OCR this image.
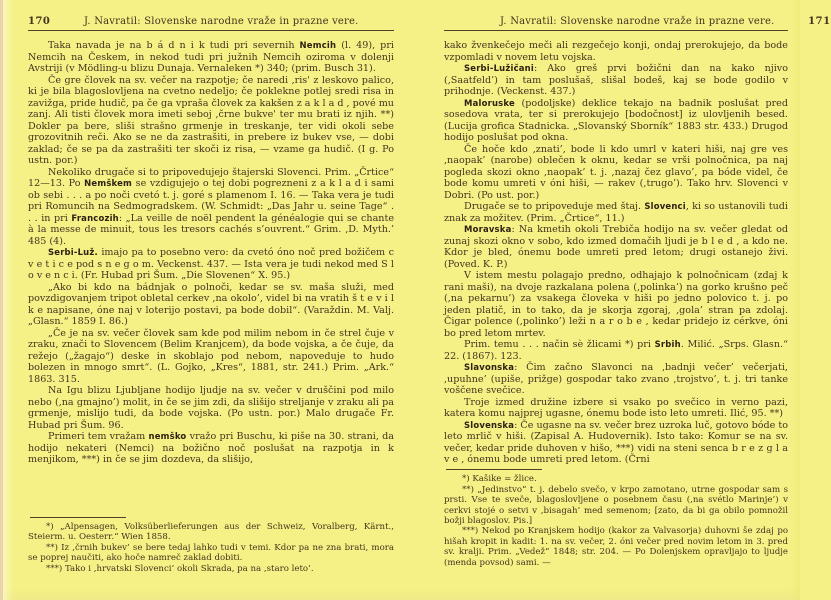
170	J. Navratil: Slovenske narodne vraže in prazne vere.

Taka navada je na b á d n i k tudi pri severnih Nemcih (l. 49), pri Nemcih na Českem, in nekod tudi pri južnih Nemcih oziroma v dolenji Avstriji (v Mödling-u blizu Dunaja. Vernaleken *) 340; (prim. Busch 31).

Če gre človek na sv. večer na razpotje; če naredi ,ris' z leskovo palico, ki je bila blagoslovljena na cvetno nedeljo; če poklekne potlej sredi risa in zavižga, pride hudič, pa če ga vpraša človek za kakšen z a k l a d , pové mu zanj. Ali tisti človek mora imeti seboj ,črne bukve' ter mu brati iz njih. **) Dokler pa bere, sliši strašno grmenje in treskanje, ter vidi okoli sebe grozovitnih reči. Ako se ne da zastrašiti, in prebere iz bukev vse, — dobi zaklad; če se pa da zastrašiti ter skoči iz risa, — vzame ga hudič. (I g. Po ustn. por.)

Nekoliko drugače si to pripovedujejo štajerski Slovenci. Prim. „Črtice“ 12—13. Po Nemškem se vzdigujejo o tej dobi pogrezneni z a k l a d i sami ob sebi . . . a po noči cvetó t. j. goré s plamenom I. 16. — Taka vera je tudi pri Romuncih na Sedmogradskem. (W. Schmidt: „Das Jahr u. seine Tage“ . . . in pri Francozih: „La veille de noël pendent la généalogie qui se chante à la messe de minuit, tous les tresors cachés s’ouvrent.“ Grim. ,D. Myth.’ 485 (4).

Serbi-Luž. imajo pa to posebno vero: da cvetó óno noč pred božičem c v e t i c e pod s n e g o m. Veckenst. 437. — Ista vera je tudi nekod med S l o v e n c i. (Fr. Hubad pri Šum. „Die Slovenen“ X. 95.)

„Ako bi kdo na bádnjak o polnoči, kedar se sv. maša služi, med povzdigovanjem tripot obletal cerkev ,na okolo’, videl bi na vratih š t e v i l k e napisane, óne naj v loterijo postavi, pa bode dobil“. (Varaždin. M. Valj. „Glasn.“ 1859 I. 86.)

„Če je na sv. večer človek sam kde pod milim nebom in če strel čuje v zraku, znači to Slovencem (Belim Kranjcem), da bode vojska, a če čuje, da režejo („žagajo“) deske in skoblajo pod nebom, napoveduje to hudo bolezen in mnogo smrt“. (L. Gojko, „Kres“, 1881, str. 241.) Prim. „Ark.“ 1863. 315.

Na Igu blizu Ljubljane hodijo ljudje na sv. večer v druščini pod milo nebo (,na gmajno’) molit, in če se jim zdi, da slišijo streljanje v zraku ali pa grmenje, mislijo tudi, da bode vojska. (Po ustn. por.) Malo drugače Fr. Hubad pri Šum. 96.

Primeri tem vražam nemško vražo pri Buschu, ki piše na 30. strani, da hodijo nekateri (Nemci) na božično noč poslušat na razpotja in k menjikom, ***) in če se jim dozdeva, da slišijo,

*) „Alpensagen, Volksüberlieferungen aus der Schweiz, Voralberg, Kärnt., Steierm. u. Oesterr.“ Wien 1858.

**) Iz ,črnih bukev’ se bere tedaj lahko tudi v temi. Kdor pa ne zna brati, mora se poprej naučiti, ako hoče namreč zaklad dobiti.

***) Tako i ,hrvatski Slovenci’ okoli Skrada, pa na ,staro leto’.

J. Navratil: Slovenske narodne vraže in prazne vere.	171

kako žvenkečejo meči ali rezgečejo konji, ondaj prerokujejo, da bode vzpomladi v novem letu vojska.

Serbi-Lužičani: Ako greš prvi božični dan na kako njivo (,Saatfeld’) in tam poslušaš, slišal bodeš, kaj se bode godilo v prihodnje. (Veckenst. 437.)

Maloruske (podoljske) deklice tekajo na badnik poslušat pred sosedova vrata, ter si prerokujejo [bodočnost] iz ulovljenih besed. (Lucija grofica Stadnicka. „Slovanský Sborník“ 1883 str. 433.) Drugod hodijo poslušat pod okna.

Če hoče kdo ,znati’, bode li kdo umrl v kateri hiši, naj gre ves ,naopak’ (narobe) oblečen k oknu, kedar se vrši polnočnica, pa naj pogleda skozi okno ,naopak’ t. j. ,nazaj čez glavo’, pa bóde videl, če bode komu umreti v óni hiši, — rakev (,trugo’). Tako hrv. Slovenci v Dobri. (Po ust. por.)

Drugače se to pripoveduje med štaj. Slovenci, ki so ustanovili tudi znak za možitev. (Prim. „Črtice“, 11.)

Moravska: Na kmetih okoli Trebiča hodijo na sv. večer gledat od zunaj skozi okno v sobo, kdo izmed domačih ljudi je b l e d , a kdo ne. Kdor je bled, ónemu bode umreti pred letom; drugi ostanejo živi. (Poved. K. P.)

V istem mestu polagajo predno, odhajajo k polnočnicam (zdaj k rani maši), na dvoje razkalana polena (,polinka’) na gorko krušno peč (,na pekarnu’) za vsakega človeka v hiši po jedno polovico t. j. po jeden platič, in to tako, da je skorja zgoraj, ,gola’ stran pa zdolaj. Čigar polence (,polinko’) leži n a r o b e , kedar pridejo iz cérkve, óni bo pred letom mrtev.

Prim. temu . . . način sè žlicami *) pri Srbih. Milić. „Srps. Glasn.“ 22. (1867). 123.

Slavonska: Čim začno Slavonci na ,badnji večer’ večerjati, ,upuhne’ (upiše, prižge) gospodar tako zvano ,trojstvo’, t. j. tri tanke voščene svečice.

Troje izmed družine izbere si vsako po svečico in verno pazi, katera komu najprej ugasne, ónemu bode isto leto umreti. Ilić, 95. **)

Slovenska: Če ugasne na sv. večer brez uzroka luč, gotovo bóde to leto mrlič v hiši. (Zapisal A. Hudovernik). Isto tako: Komur se na sv. večer, kedar pride duhoven v hišo, ***) vidi na steni senca b r e z g l a v e , ónemu bode umreti pred letom. (Črni

*) Kašike = žlice.

**) „Jedinstvo“ t. j. debelo svečo, v krpo zamotano, utrne gospodar sam s prsti. Vse te sveče, blagoslovljene o posebnem času (,na svétlo Marinje’) v cerkvi stojé o setvi v ,bisagah’ med semenom; [zato, da bi ga obilo pomnožil božji blagoslov. Pis.]

***) Nekod po Kranjskem hodijo (kakor za Valvasorja) duhovni še zdaj po hišah kropit in kadit: 1. na sv. večer, 2. óni večer pred novim letom in 3. pred sv. kralji. Prim. „Vedež“ 1848; str. 204. — Po Dolenjskem opravljajo to ljudje (menda povsod) sami. —
